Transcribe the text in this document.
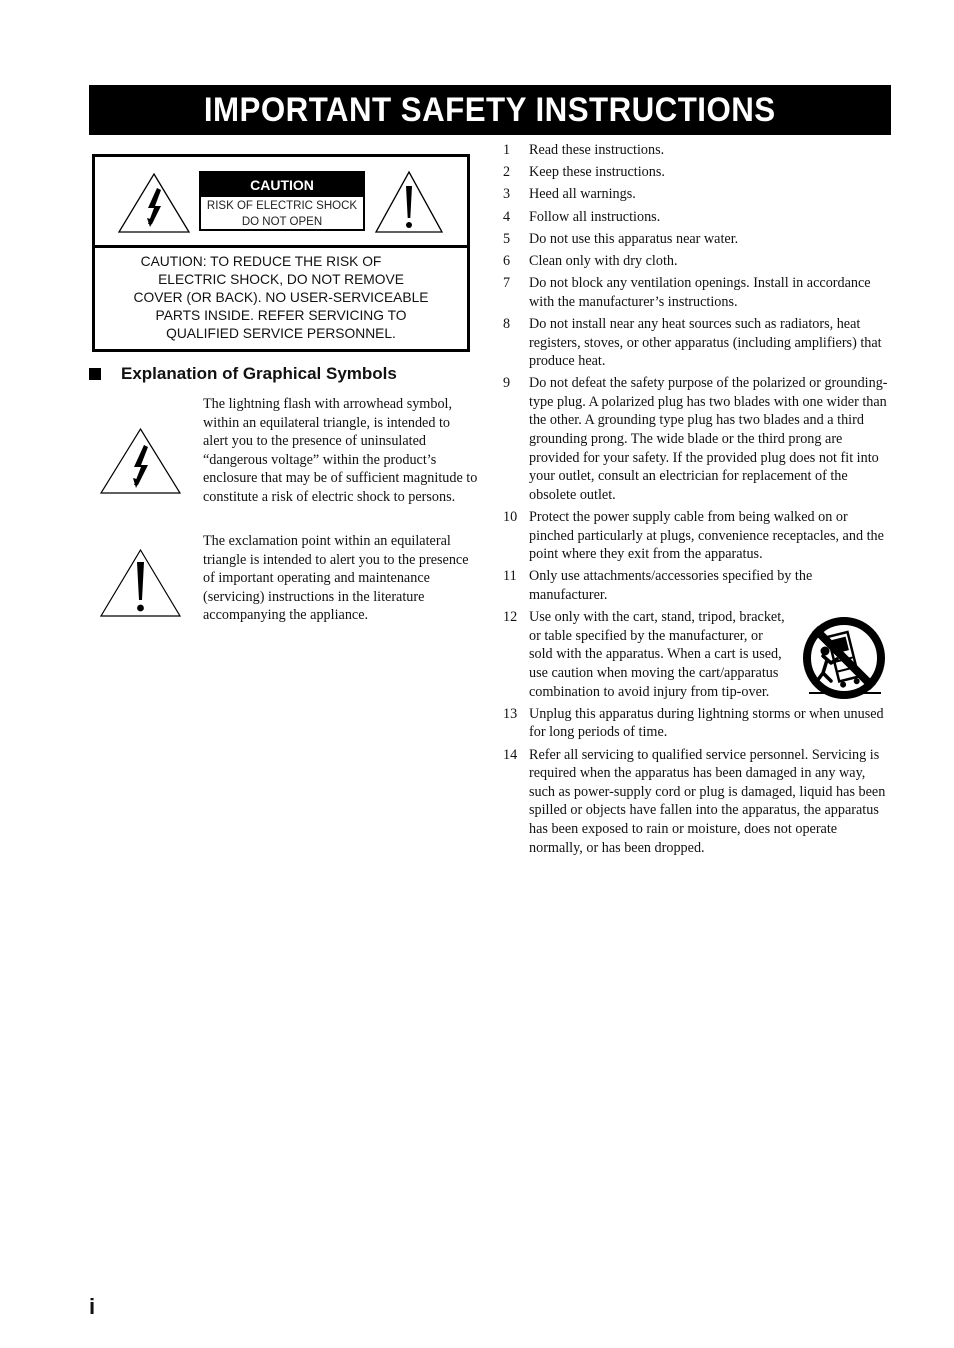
IMPORTANT SAFETY INSTRUCTIONS
CAUTION
RISK OF ELECTRIC SHOCK
DO NOT OPEN
CAUTION: TO REDUCE THE RISK OF
ELECTRIC SHOCK, DO NOT REMOVE
COVER (OR BACK). NO USER-SERVICEABLE
PARTS INSIDE. REFER SERVICING TO
QUALIFIED SERVICE PERSONNEL.
Explanation of Graphical Symbols
The lightning flash with arrowhead symbol, within an equilateral triangle, is intended to alert you to the presence of uninsulated “dangerous voltage” within the product’s enclosure that may be of sufficient magnitude to constitute a risk of electric shock to persons.
The exclamation point within an equilateral triangle is intended to alert you to the presence of important operating and maintenance (servicing) instructions in the literature accompanying the appliance.
1 Read these instructions.
2 Keep these instructions.
3 Heed all warnings.
4 Follow all instructions.
5 Do not use this apparatus near water.
6 Clean only with dry cloth.
7 Do not block any ventilation openings. Install in accordance with the manufacturer’s instructions.
8 Do not install near any heat sources such as radiators, heat registers, stoves, or other apparatus (including amplifiers) that produce heat.
9 Do not defeat the safety purpose of the polarized or grounding-type plug. A polarized plug has two blades with one wider than the other. A grounding type plug has two blades and a third grounding prong. The wide blade or the third prong are provided for your safety. If the provided plug does not fit into your outlet, consult an electrician for replacement of the obsolete outlet.
10 Protect the power supply cable from being walked on or pinched particularly at plugs, convenience receptacles, and the point where they exit from the apparatus.
11 Only use attachments/accessories specified by the manufacturer.
12 Use only with the cart, stand, tripod, bracket, or table specified by the manufacturer, or sold with the apparatus. When a cart is used, use caution when moving the cart/apparatus combination to avoid injury from tip-over.
13 Unplug this apparatus during lightning storms or when unused for long periods of time.
14 Refer all servicing to qualified service personnel. Servicing is required when the apparatus has been damaged in any way, such as power-supply cord or plug is damaged, liquid has been spilled or objects have fallen into the apparatus, the apparatus has been exposed to rain or moisture, does not operate normally, or has been dropped.
i
